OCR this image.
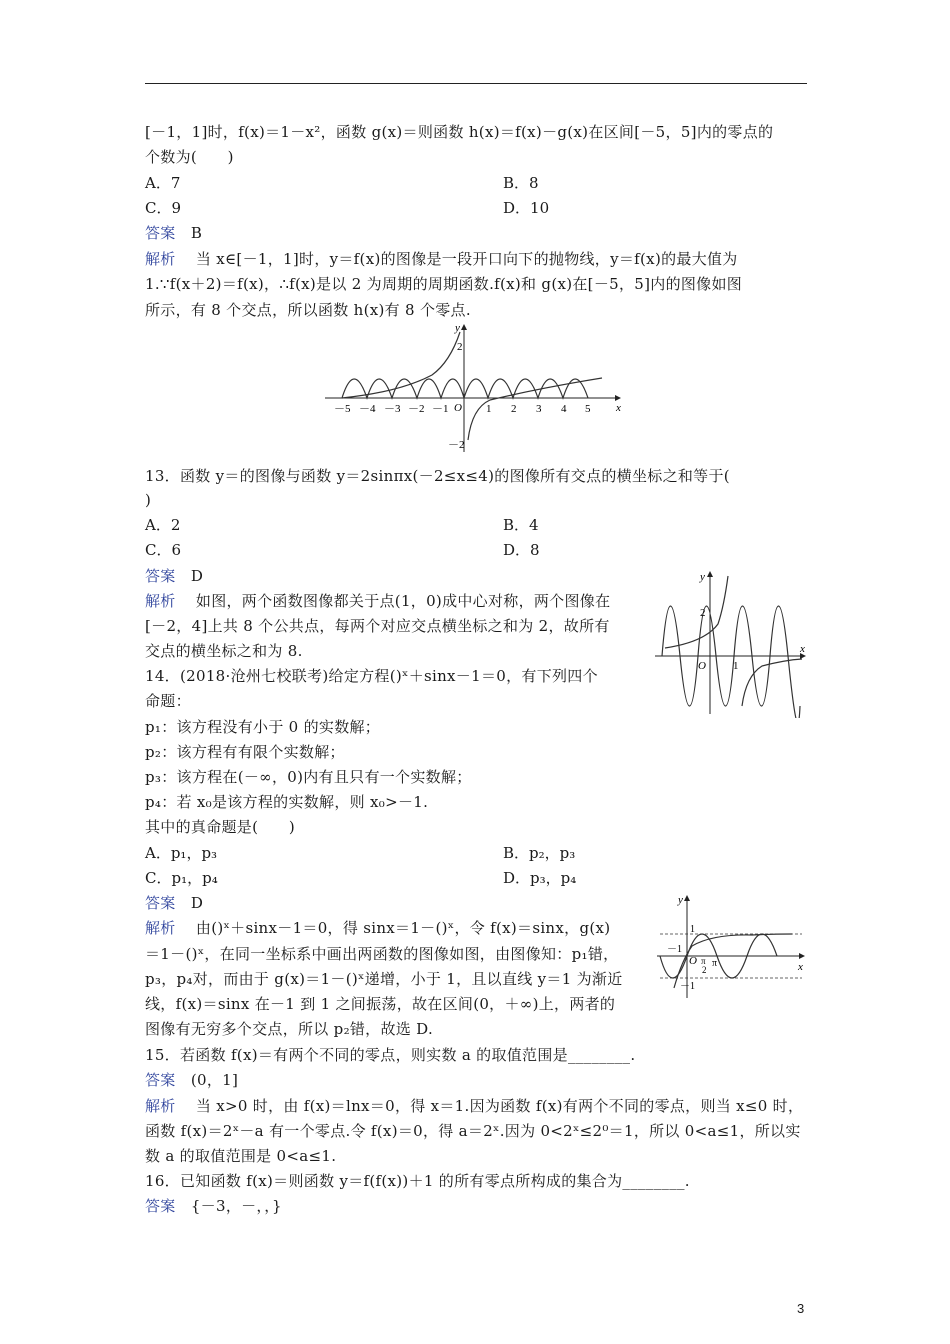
[－1，1]时，f(x)＝1－x²，函数 g(x)＝则函数 h(x)＝f(x)－g(x)在区间[－5，5]内的零点的
个数为(　　)
A．7	B．8
C．9	D．10
答案 B
解析 当 x∈[－1，1]时，y＝f(x)的图像是一段开口向下的抛物线，y＝f(x)的最大值为
1.∵f(x＋2)＝f(x)，∴f(x)是以 2 为周期的周期函数.f(x)和 g(x)在[－5，5]内的图像如图
所示，有 8 个交点，所以函数 h(x)有 8 个零点.
x
y
O
2
－2
－5 －4 －3 －2 －1	1 2 3 4 5
13．函数 y＝的图像与函数 y＝2sinπx(－2≤x≤4)的图像所有交点的横坐标之和等于(
)
A．2	B．4
C．6	D．8
答案 D
解析 如图，两个函数图像都关于点(1，0)成中心对称，两个图像在
[－2，4]上共 8 个公共点，每两个对应交点横坐标之和为 2，故所有
交点的横坐标之和为 8.	x
y
2
O 1
14．(2018·沧州七校联考)给定方程()ˣ＋sinx－1＝0，有下列四个
命题：
p₁：该方程没有小于 0 的实数解；
p₂：该方程有有限个实数解；
p₃：该方程在(－∞，0)内有且只有一个实数解；
p₄：若 x₀是该方程的实数解，则 x₀>－1.
其中的真命题是(　　)
A．p₁，p₃	B．p₂，p₃
C．p₁，p₄	D．p₃，p₄
答案 D
解析 由()ˣ＋sinx－1＝0，得 sinx＝1－()ˣ，令 f(x)＝sinx，g(x)
＝1－()ˣ，在同一坐标系中画出两函数的图像如图，由图像知：p₁错，
p₃，p₄对，而由于 g(x)＝1－()ˣ递增，小于 1，且以直线 y＝1 为渐近
线，f(x)＝sinx 在－1 到 1 之间振荡，故在区间(0，＋∞)上，两者的
图像有无穷多个交点，所以 p₂错，故选 D.
x
y
1
－1
－1
O π
π
2
15．若函数 f(x)＝有两个不同的零点，则实数 a 的取值范围是________.
答案 (0，1]
解析 当 x>0 时，由 f(x)＝lnx＝0，得 x＝1.因为函数 f(x)有两个不同的零点，则当 x≤0 时，
函数 f(x)＝2ˣ－a 有一个零点.令 f(x)＝0，得 a＝2ˣ.因为 0<2ˣ≤2⁰＝1，所以 0<a≤1，所以实
数 a 的取值范围是 0<a≤1.
16．已知函数 f(x)＝则函数 y＝f(f(x))＋1 的所有零点所构成的集合为________.
答案 {－3，－，，}
3
